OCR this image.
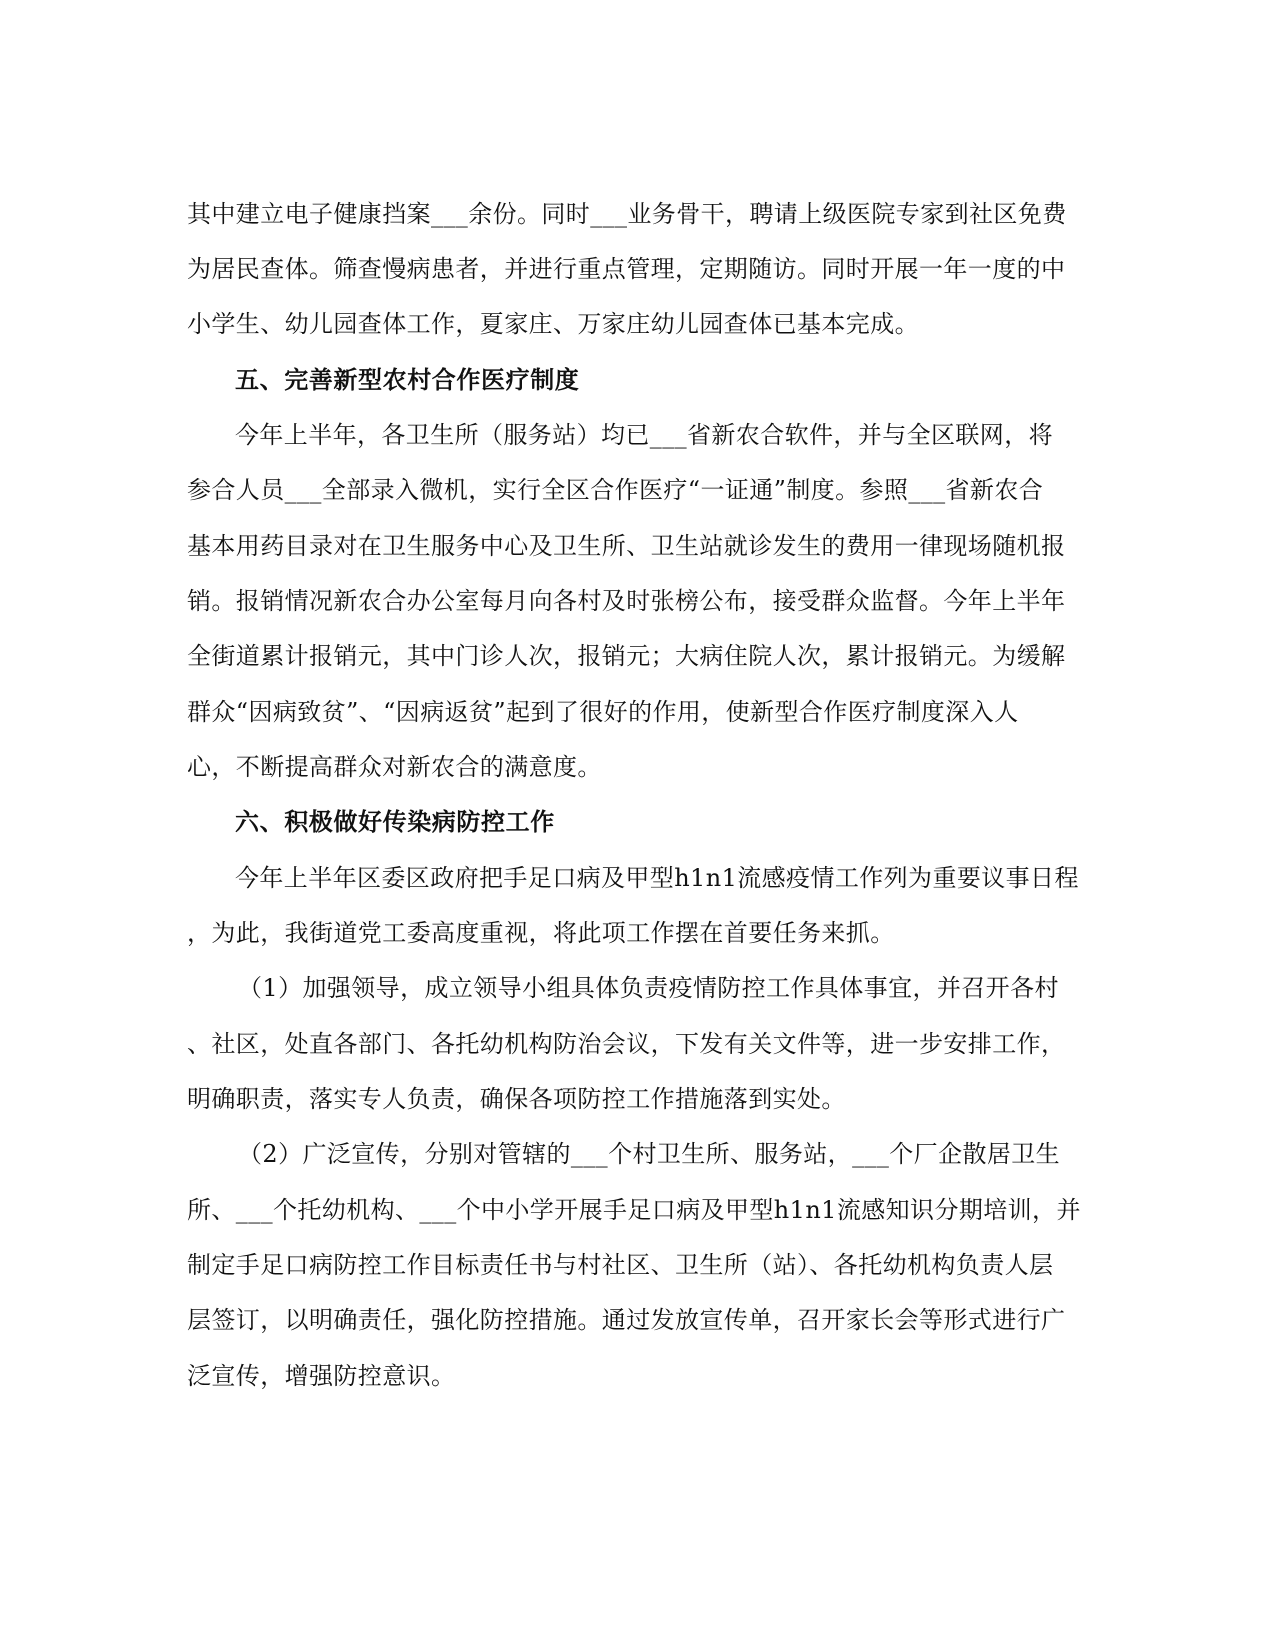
其中建立电子健康挡案___余份。同时___业务骨干，聘请上级医院专家到社区免费
为居民查体。筛查慢病患者，并进行重点管理，定期随访。同时开展一年一度的中
小学生、幼儿园查体工作，夏家庄、万家庄幼儿园查体已基本完成。
五、完善新型农村合作医疗制度
今年上半年，各卫生所（服务站）均已___省新农合软件，并与全区联网，将
参合人员___全部录入微机，实行全区合作医疗“一证通”制度。参照___省新农合
基本用药目录对在卫生服务中心及卫生所、卫生站就诊发生的费用一律现场随机报
销。报销情况新农合办公室每月向各村及时张榜公布，接受群众监督。今年上半年
全街道累计报销元，其中门诊人次，报销元；大病住院人次，累计报销元。为缓解
群众“因病致贫”、“因病返贫”起到了很好的作用，使新型合作医疗制度深入人
心，不断提高群众对新农合的满意度。
六、积极做好传染病防控工作
今年上半年区委区政府把手足口病及甲型h1n1流感疫情工作列为重要议事日程
，为此，我街道党工委高度重视，将此项工作摆在首要任务来抓。
（1）加强领导，成立领导小组具体负责疫情防控工作具体事宜，并召开各村
、社区，处直各部门、各托幼机构防治会议，下发有关文件等，进一步安排工作，
明确职责，落实专人负责，确保各项防控工作措施落到实处。
（2）广泛宣传，分别对管辖的___个村卫生所、服务站，___个厂企散居卫生
所、___个托幼机构、___个中小学开展手足口病及甲型h1n1流感知识分期培训，并
制定手足口病防控工作目标责任书与村社区、卫生所（站）、各托幼机构负责人层
层签订，以明确责任，强化防控措施。通过发放宣传单，召开家长会等形式进行广
泛宣传，增强防控意识。
